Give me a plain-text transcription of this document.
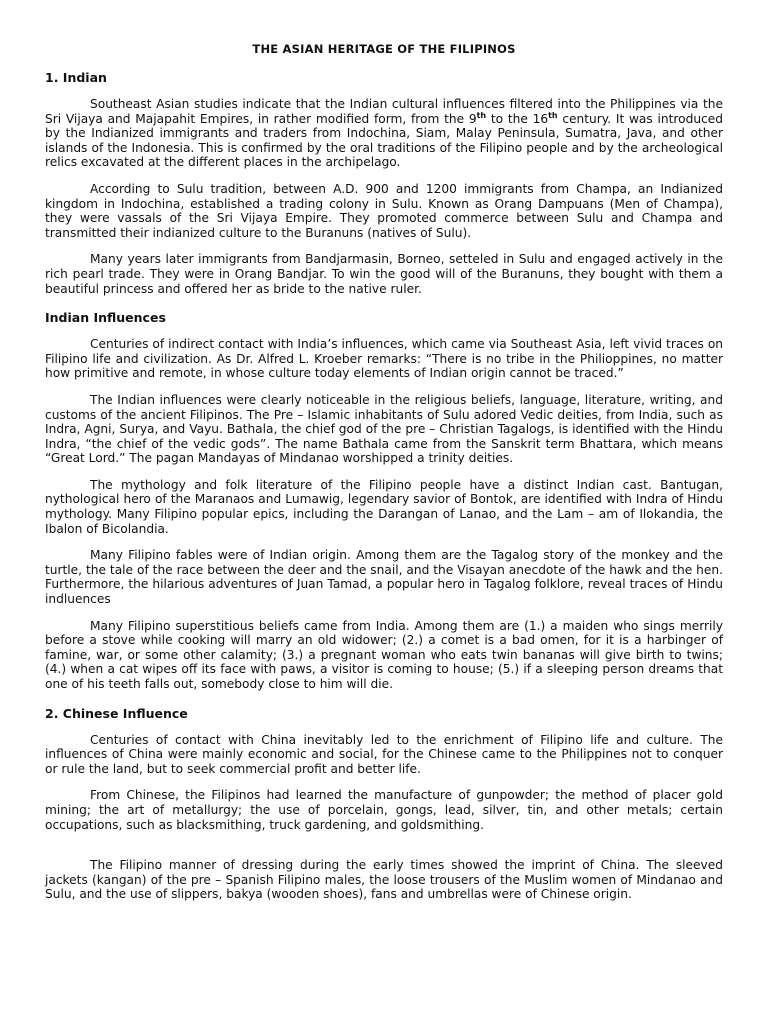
THE ASIAN HERITAGE OF THE FILIPINOS
1. Indian

Southeast Asian studies indicate that the Indian cultural influences filtered into the Philippines via the Sri Vijaya and Majapahit Empires, in rather modified form, from the 9th to the 16th century. It was introduced by the Indianized immigrants and traders from Indochina, Siam, Malay Peninsula, Sumatra, Java, and other islands of the Indonesia. This is confirmed by the oral traditions of the Filipino people and by the archeological relics excavated at the different places in the archipelago.

According to Sulu tradition, between A.D. 900 and 1200 immigrants from Champa, an Indianized kingdom in Indochina, established a trading colony in Sulu. Known as Orang Dampuans (Men of Champa), they were vassals of the Sri Vijaya Empire. They promoted commerce between Sulu and Champa and transmitted their indianized culture to the Buranuns (natives of Sulu).

Many years later immigrants from Bandjarmasin, Borneo, setteled in Sulu and engaged actively in the rich pearl trade. They were in Orang Bandjar. To win the good will of the Buranuns, they bought with them a beautiful princess and offered her as bride to the native ruler.

Indian Influences

Centuries of indirect contact with India’s influences, which came via Southeast Asia, left vivid traces on Filipino life and civilization. As Dr. Alfred L. Kroeber remarks: “There is no tribe in the Philioppines, no matter how primitive and remote, in whose culture today elements of Indian origin cannot be traced.”

The Indian influences were clearly noticeable in the religious beliefs, language, literature, writing, and customs of the ancient Filipinos. The Pre – Islamic inhabitants of Sulu adored Vedic deities, from India, such as Indra, Agni, Surya, and Vayu. Bathala, the chief god of the pre – Christian Tagalogs, is identified with the Hindu Indra, “the chief of the vedic gods”. The name Bathala came from the Sanskrit term Bhattara, which means “Great Lord.” The pagan Mandayas of Mindanao worshipped a trinity deities.

The mythology and folk literature of the Filipino people have a distinct Indian cast. Bantugan, nythological hero of the Maranaos and Lumawig, legendary savior of Bontok, are identified with Indra of Hindu mythology. Many Filipino popular epics, including the Darangan of Lanao, and the Lam – am of Ilokandia, the Ibalon of Bicolandia.

Many Filipino fables were of Indian origin. Among them are the Tagalog story of the monkey and the turtle, the tale of the race between the deer and the snail, and the Visayan anecdote of the hawk and the hen. Furthermore, the hilarious adventures of Juan Tamad, a popular hero in Tagalog folklore, reveal traces of Hindu indluences

Many Filipino superstitious beliefs came from India. Among them are (1.) a maiden who sings merrily before a stove while cooking will marry an old widower; (2.) a comet is a bad omen, for it is a harbinger of famine, war, or some other calamity; (3.) a pregnant woman who eats twin bananas will give birth to twins; (4.) when a cat wipes off its face with paws, a visitor is coming to house; (5.) if a sleeping person dreams that one of his teeth falls out, somebody close to him will die.

2. Chinese Influence

Centuries of contact with China inevitably led to the enrichment of Filipino life and culture. The influences of China were mainly economic and social, for the Chinese came to the Philippines not to conquer or rule the land, but to seek commercial profit and better life.

From Chinese, the Filipinos had learned the manufacture of gunpowder; the method of placer gold mining; the art of metallurgy; the use of porcelain, gongs, lead, silver, tin, and other metals; certain occupations, such as blacksmithing, truck gardening, and goldsmithing.

The Filipino manner of dressing during the early times showed the imprint of China. The sleeved jackets (kangan) of the pre – Spanish Filipino males, the loose trousers of the Muslim women of Mindanao and Sulu, and the use of slippers, bakya (wooden shoes), fans and umbrellas were of Chinese origin.
